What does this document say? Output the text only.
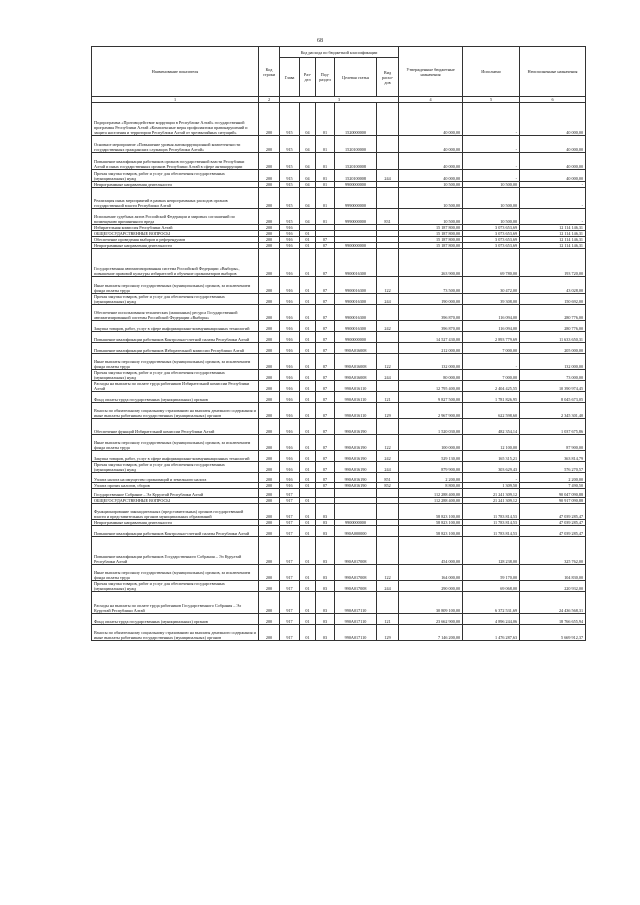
68
Наименование показателя	Код строки	Код расхода по бюджетной классификации					Утвержденные бюджетные назначения	Исполнено	Неисполненные назначения
		Глава	Раз-дел	Под-раздел	Целевая статья	Вид расхо-дов			
1	2	3					4	5	6
Подпрограмма «Противодействие коррупции в Республике Алтай» государственной программы Республики Алтай «Комплексные меры профилактики правонарушений и защита населения и территории Республики Алтай от чрезвычайных ситуаций»	200	915	04	01	1520000000		40 000,00	-	40 000,00
Основное мероприятие «Повышение уровня антикоррупционной компетентности государственных гражданских служащих Республики Алтай»	200	915	04	01	1520100000		40 000,00	-	40 000,00
Повышение квалификации работников органов государственной власти Республики Алтай и иных государственных органов Республики Алтай в сфере антикоррупции	200	915	04	01	1520100008		40 000,00	-	40 000,00
Прочая закупка товаров, работ и услуг для обеспечения государственных (муниципальных) нужд	200	915	04	01	1520100008	244	40 000,00	-	40 000,00
Непрограммные направления деятельности	200	915	04	01	9900000000		10 500,00	10 500,00	-
Реализация иных мероприятий в рамках непрограммных расходов органов государственной власти Республики Алтай	200	915	04	01	9990000000		10 500,00	10 500,00	-
Исполнение судебных актов Российской Федерации и мировых соглашений по возмещению причиненного вреда	200	915	04	01	9990000000	831	10 500,00	10 500,00	-
Избирательная комиссия Республики Алтай	200	916					15 187 800,00	3 073 653,69	12 114 146,31
ОБЩЕГОСУДАРСТВЕННЫЕ ВОПРОСЫ	200	916	01				15 187 800,00	3 073 653,69	12 114 146,31
Обеспечение проведения выборов и референдумов	200	916	01	07			15 187 800,00	3 073 653,69	12 114 146,31
Непрограммные направления деятельности	200	916	01	07	9900000000		15 187 800,00	3 073 653,69	12 114 146,31
Государственная автоматизированная система Российской Федерации «Выборы», повышение правовой культуры избирателей и обучение организаторов выборов	200	916	01	07	9900016300		263 900,00	69 780,00	193 720,00
Иные выплаты персоналу государственных (муниципальных) органов, за исключением фонда оплаты труда	200	916	01	07	9900016300	122	73 500,00	30 472,00	43 028,00
Прочая закупка товаров, работ и услуг для обеспечения государственных (муниципальных) нужд	200	916	01	07	9900016300	244	190 000,00	39 308,00	150 692,00
Обеспечение использования технических (машинных) ресурса Государственной автоматизированной системы Российской Федерации «Выборы»	200	916	01	07	9900016300		396 870,00	116 094,00	280 776,00
Закупка товаров, работ, услуг в сфере информационно-коммуникационных технологий	200	916	01	07	9900016300	242	396 870,00	116 094,00	280 776,00
Повышение квалификации работников Контрольно-счетной палаты Республики Алтай	200	916	01	07	9900000000		14 527 430,00	2 893 779,69	11 633 650,31
Повышение квалификации работников Избирательной комиссии Республики Алтай	200	916	01	07	990A016008		212 000,00	7 000,00	205 000,00
Иные выплаты персоналу государственных (муниципальных) органов, за исключением фонда оплаты труда	200	916	01	07	990A016008	122	132 000,00	-	132 000,00
Прочая закупка товаров, работ и услуг для обеспечения государственных (муниципальных) нужд	200	916	01	07	990A016008	244	80 000,00	7 000,00	73 000,00
Расходы на выплаты по оплате труда работников Избирательной комиссии Республики Алтай	200	916	01	07	990A016110		12 795 400,00	2 404 425,55	10 390 974,45
Фонд оплаты труда государственных (муниципальных) органов	200	916	01	07	990A016110	121	9 827 500,00	1 781 826,95	8 045 673,05
Взносы по обязательному социальному страхованию на выплаты денежного содержания и иные выплаты работникам государственных (муниципальных) органов	200	916	01	07	990A016110	129	2 967 900,00	622 598,60	2 345 301,40
Обеспечение функций Избирательной комиссии Республики Алтай	200	916	01	07	990A016190		1 520 030,00	482 354,14	1 037 675,86
Иные выплаты персоналу государственных (муниципальных) органов, за исключением фонда оплаты труда	200	916	01	07	990A016190	122	100 000,00	12 100,00	87 900,00
Закупка товаров, работ, услуг в сфере информационно-коммуникационных технологий	200	916	01	07	990A016190	242	529 130,00	165 315,21	363 814,79
Прочая закупка товаров, работ и услуг для обеспечения государственных (муниципальных) нужд	200	916	01	07	990A016190	244	879 900,00	303 629,43	576 270,57
Уплата налога на имущество организаций и земельного налога	200	916	01	07	990A016190	851	2 200,00	-	2 200,00
Уплата прочих налогов, сборов	200	916	01	07	990A016190	852	8 800,00	1 309,50	7 490,50
Государственное Собрание – Эл Курултай Республики Алтай	200	917					112 288 400,00	21 241 309,12	90 047 090,88
ОБЩЕГОСУДАРСТВЕННЫЕ ВОПРОСЫ	200	917	01				112 288 400,00	21 241 309,12	90 917 090,88
Функционирование законодательных (представительных) органов государственной власти и представительных органов муниципальных образований	200	917	01	03			58 823 100,00	11 783 814,53	47 039 285,47
Непрограммные направления деятельности	200	917	01	03	9900000000		58 823 100,00	11 783 814,53	47 039 285,47
Повышение квалификации работников Контрольно-счетной палаты Республики Алтай	200	917	01	03	990A000000		58 823 100,00	11 783 814,53	47 039 285,47
Повышение квалификации работников Государственного Собрания – Эл Курултай Республики Алтай	200	917	01	03	990A017008		454 000,00	128 238,00	325 762,00
Иные выплаты персоналу государственных (муниципальных) органов, за исключением фонда оплаты труда	200	917	01	03	990A017008	122	164 000,00	59 170,00	104 830,00
Прочая закупка товаров, работ и услуг для обеспечения государственных (муниципальных) нужд	200	917	01	03	990A017008	244	290 000,00	69 068,00	220 932,00
Расходы на выплаты по оплате труда работников Государственного Собрания – Эл Курултай Республики Алтай	200	917	01	03	990A017110		30 809 100,00	6 372 531,69	24 436 568,31
Фонд оплаты труда государственных (муниципальных) органов	200	917	01	03	990A017110	121	23 662 900,00	4 896 244,06	18 766 655,94
Взносы по обязательному социальному страхованию на выплаты денежного содержания и иные выплаты работникам государственных (муниципальных) органов	200	917	01	03	990A017110	129	7 146 200,00	1 476 287,63	5 669 912,37
